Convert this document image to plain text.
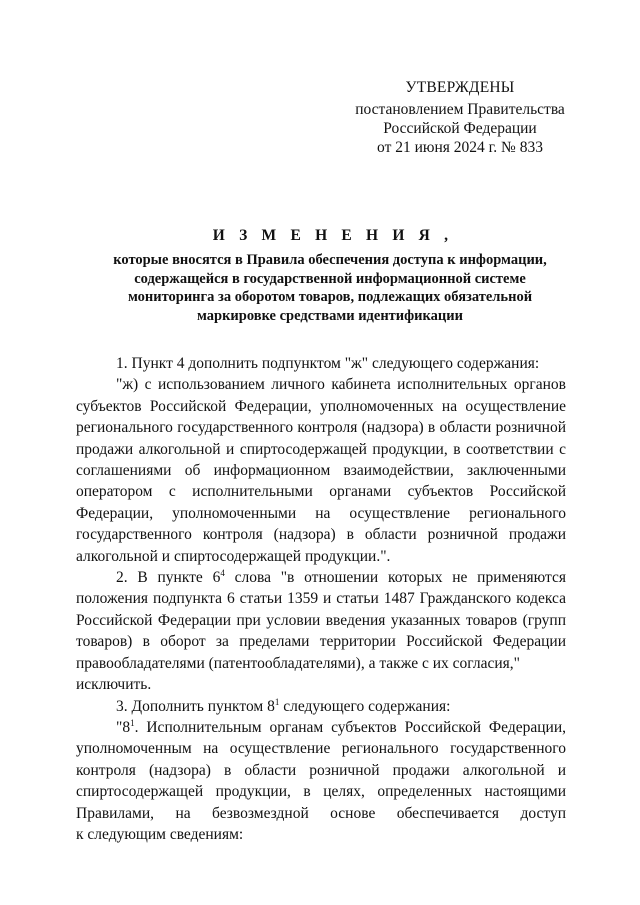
УТВЕРЖДЕНЫ
постановлением Правительства
Российской Федерации
от 21 июня 2024 г. № 833
И З М Е Н Е Н И Я ,
которые вносятся в Правила обеспечения доступа к информации,
содержащейся в государственной информационной системе
мониторинга за оборотом товаров, подлежащих обязательной
маркировке средствами идентификации

1. Пункт 4 дополнить подпунктом "ж" следующего содержания:

"ж) с использованием личного кабинета исполнительных органов субъектов Российской Федерации, уполномоченных на осуществление регионального государственного контроля (надзора) в области розничной продажи алкогольной и спиртосодержащей продукции, в соответствии с соглашениями об информационном взаимодействии, заключенными оператором с исполнительными органами субъектов Российской Федерации, уполномоченными на осуществление регионального государственного контроля (надзора) в области розничной продажи алкогольной и спиртосодержащей продукции.".

2. В пункте $6^4$ слова "в отношении которых не применяются положения подпункта 6 статьи 1359 и статьи 1487 Гражданского кодекса Российской Федерации при условии введения указанных товаров (групп товаров) в оборот за пределами территории Российской Федерации правообладателями (патентообладателями), а также с их согласия,"

исключить.

3. Дополнить пунктом $8^1$ следующего содержания:

"$8^1$. Исполнительным органам субъектов Российской Федерации, уполномоченным на осуществление регионального государственного контроля (надзора) в области розничной продажи алкогольной и спиртосодержащей продукции, в целях, определенных настоящими Правилами, на безвозмездной основе обеспечивается доступ

к следующим сведениям:
